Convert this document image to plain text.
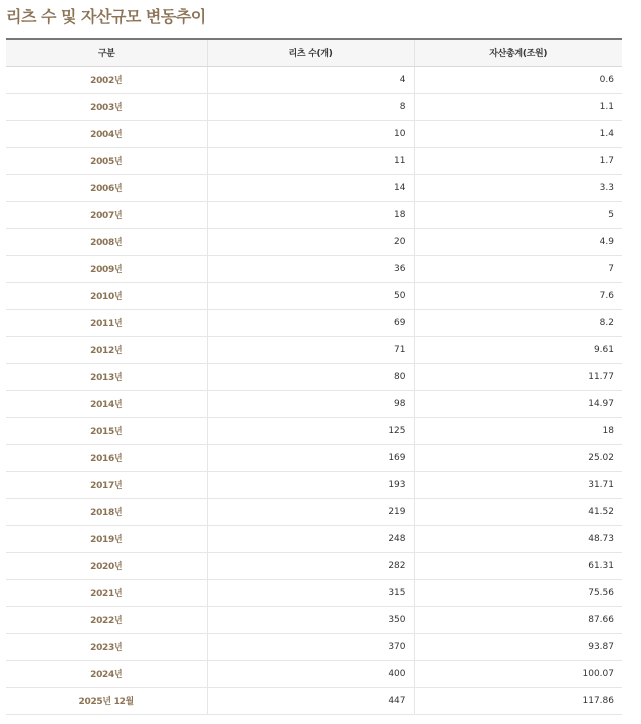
리츠 수 및 자산규모 변동추이
구분	리츠 수(개)	자산총계(조원)
2002년	4	0.6
2003년	8	1.1
2004년	10	1.4
2005년	11	1.7
2006년	14	3.3
2007년	18	5
2008년	20	4.9
2009년	36	7
2010년	50	7.6
2011년	69	8.2
2012년	71	9.61
2013년	80	11.77
2014년	98	14.97
2015년	125	18
2016년	169	25.02
2017년	193	31.71
2018년	219	41.52
2019년	248	48.73
2020년	282	61.31
2021년	315	75.56
2022년	350	87.66
2023년	370	93.87
2024년	400	100.07
2025년 12월	447	117.86
